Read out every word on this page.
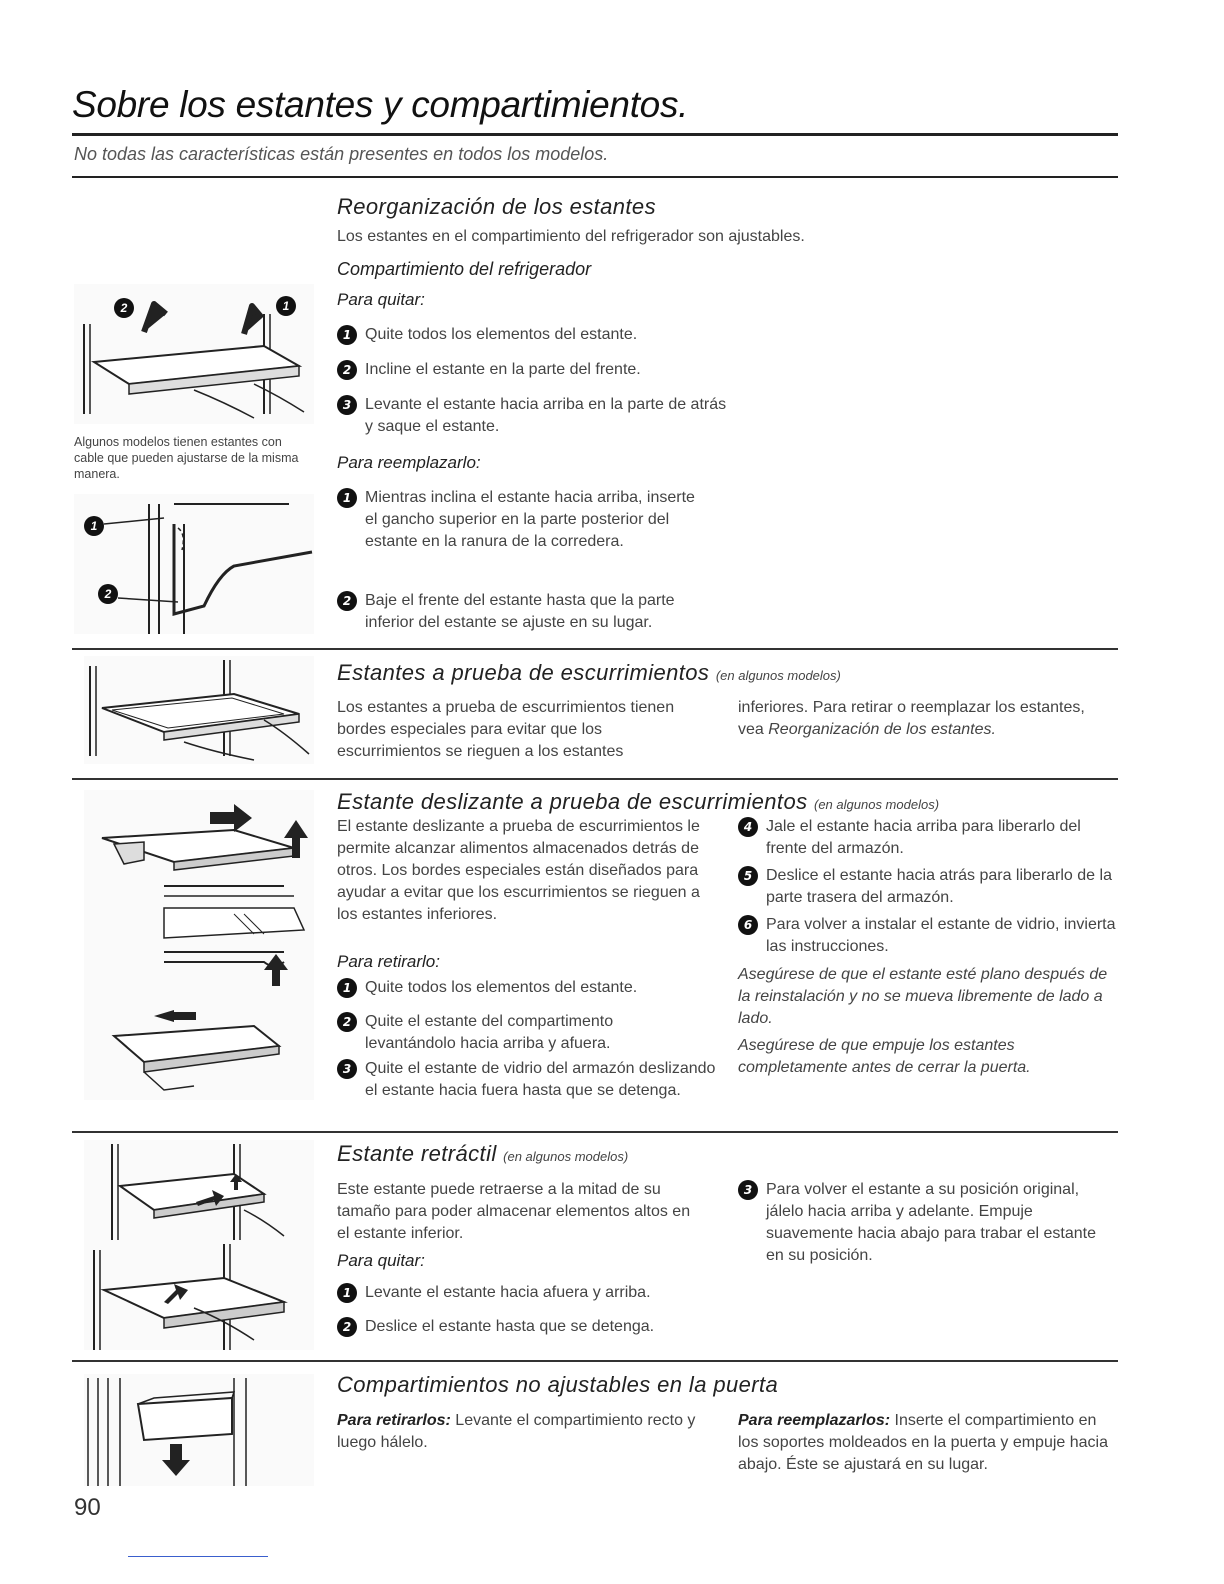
Sobre los estantes y compartimientos.
No todas las características están presentes en todos los modelos.
2	1
Algunos modelos tienen estantes con cable que pueden ajustarse de la misma manera.
1
2
Reorganización de los estantes

Los estantes en el compartimiento del refrigerador son ajustables.

Compartimiento del refrigerador
Para quitar:
1 Quite todos los elementos del estante.
2 Incline el estante en la parte del frente.
3 Levante el estante hacia arriba en la parte de atrás y saque el estante.
Para reemplazarlo:
1 Mientras inclina el estante hacia arriba, inserte el gancho superior en la parte posterior del estante en la ranura de la corredera.
2 Baje el frente del estante hasta que la parte inferior del estante se ajuste en su lugar.
Estantes a prueba de escurrimientos (en algunos modelos)

Los estantes a prueba de escurrimientos tienen bordes especiales para evitar que los escurrimientos se rieguen a los estantes

inferiores. Para retirar o reemplazar los estantes, vea Reorganización de los estantes.

Estante deslizante a prueba de escurrimientos (en algunos modelos)

El estante deslizante a prueba de escurrimientos le permite alcanzar alimentos almacenados detrás de otros. Los bordes especiales están diseñados para ayudar a evitar que los escurrimientos se rieguen a los estantes inferiores.

Para retirarlo:
1 Quite todos los elementos del estante.
2 Quite el estante del compartimento levantándolo hacia arriba y afuera.
3 Quite el estante de vidrio del armazón deslizando el estante hacia fuera hasta que se detenga.
4 Jale el estante hacia arriba para liberarlo del frente del armazón.
5 Deslice el estante hacia atrás para liberarlo de la parte trasera del armazón.
6 Para volver a instalar el estante de vidrio, invierta las instrucciones.

Asegúrese de que el estante esté plano después de la reinstalación y no se mueva libremente de lado a lado.

Asegúrese de que empuje los estantes completamente antes de cerrar la puerta.

Estante retráctil (en algunos modelos)

Este estante puede retraerse a la mitad de su tamaño para poder almacenar elementos altos en el estante inferior.

Para quitar:
1 Levante el estante hacia afuera y arriba.
2 Deslice el estante hasta que se detenga.
3 Para volver el estante a su posición original, jálelo hacia arriba y adelante. Empuje suavemente hacia abajo para trabar el estante en su posición.
Compartimientos no ajustables en la puerta

Para retirarlos: Levante el compartimiento recto y luego hálelo.

Para reemplazarlos: Inserte el compartimiento en los soportes moldeados en la puerta y empuje hacia abajo. Éste se ajustará en su lugar.

90
